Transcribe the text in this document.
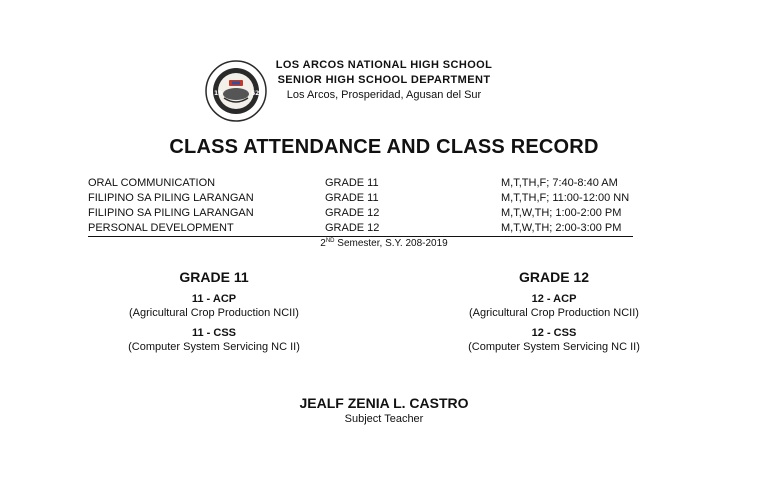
19	62
LOS ARCOS NATIONAL HIGH SCHOOL
SENIOR HIGH SCHOOL DEPARTMENT
Los Arcos, Prosperidad, Agusan del Sur
CLASS ATTENDANCE AND CLASS RECORD
ORAL COMMUNICATION	GRADE 11	M,T,TH,F; 7:40-8:40 AM
FILIPINO SA PILING LARANGAN	GRADE 11	M,T,TH,F; 11:00-12:00 NN
FILIPINO SA PILING LARANGAN	GRADE 12	M,T,W,TH; 1:00-2:00 PM
PERSONAL DEVELOPMENT	GRADE 12	M,T,W,TH; 2:00-3:00 PM
2ND Semester, S.Y. 208-2019
GRADE 11
11 - ACP
(Agricultural Crop Production NCII)
11 - CSS
(Computer System Servicing NC II)
GRADE 12
12 - ACP
(Agricultural Crop Production NCII)
12 - CSS
(Computer System Servicing NC II)
JEALF ZENIA L. CASTRO
Subject Teacher
